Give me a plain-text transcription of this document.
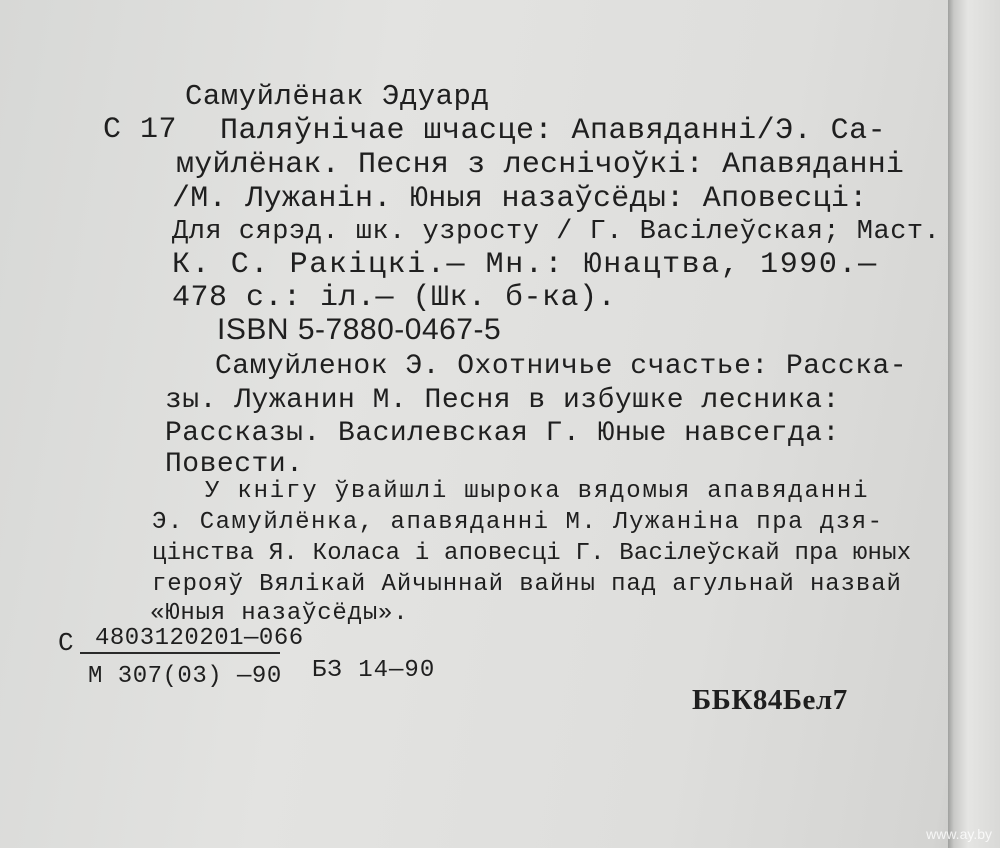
Самуйлёнак Эдуард
С 17 Паляўнічае шчасце: Апавяданні/Э. Са-
муйлёнак. Песня з леснічоўкі: Апавяданні
/М. Лужанін. Юныя назаўсёды: Аповесці:
Для сярэд. шк. узросту / Г. Васілеўская; Маст.
К. С. Ракіцкі.— Мн.: Юнацтва, 1990.—
478 с.: іл.— (Шк. б-ка).
ISBN 5-7880-0467-5
Самуйленок Э. Охотничье счастье: Расска-
зы. Лужанин М. Песня в избушке лесника:
Рассказы. Василевская Г. Юные навсегда:
Повести.
У кнігу ўвайшлі шырока вядомыя апавяданні
Э. Самуйлёнка, апавяданні М. Лужаніна пра дзя-
цінства Я. Коласа і аповесці Г. Васілеўскай пра юных
герояў Вялікай Айчыннай вайны пад агульнай назвай
«Юныя назаўсёды».
С 4803120201—066
М 307(03) —90 БЗ 14—90
ББК84Бел7
www.ay.by
